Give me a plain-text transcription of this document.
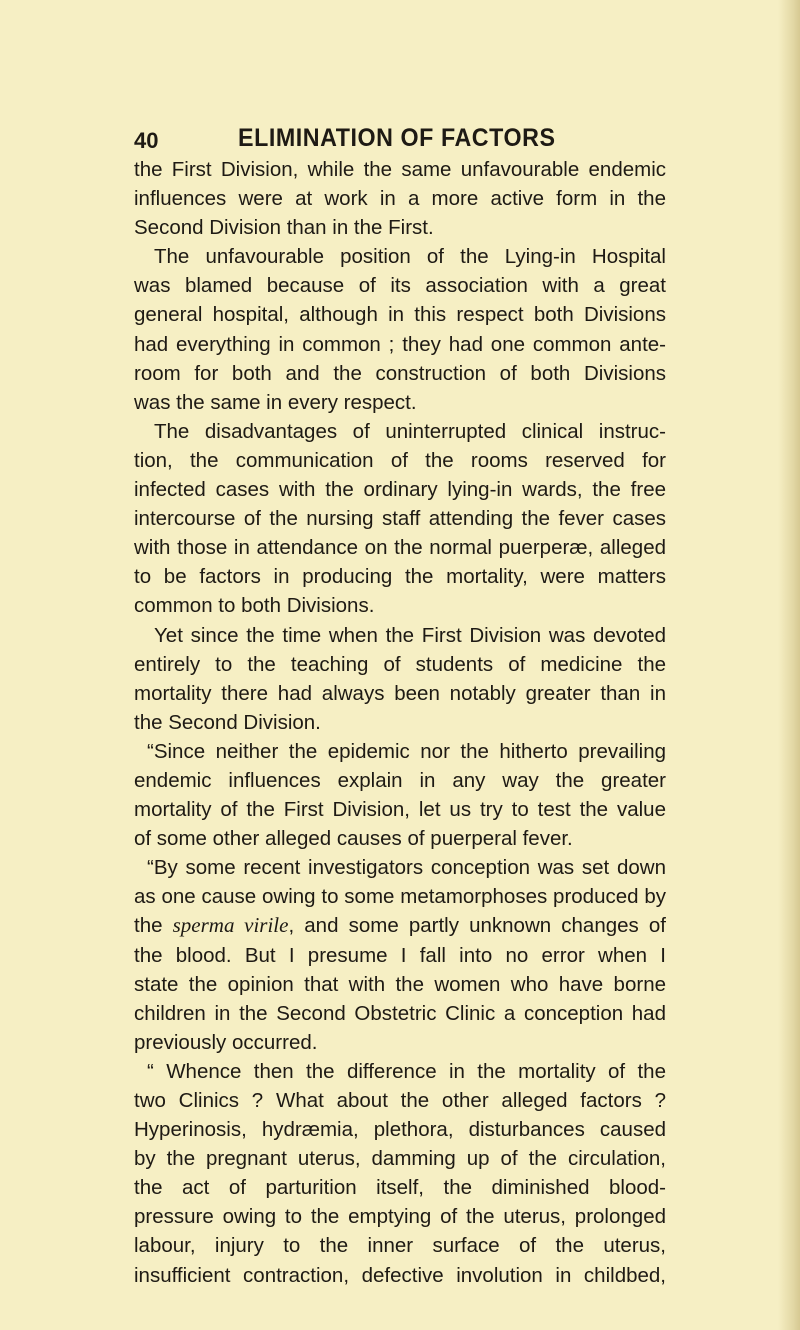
40	ELIMINATION OF FACTORS
the First Division, while the same unfavourable endemic
influences were at work in a more active form in the
Second Division than in the First.
The unfavourable position of the Lying-in Hospital
was blamed because of its association with a great
general hospital, although in this respect both Divisions
had everything in common ; they had one common ante-
room for both and the construction of both Divisions
was the same in every respect.
The disadvantages of uninterrupted clinical instruc-
tion, the communication of the rooms reserved for
infected cases with the ordinary lying-in wards, the free
intercourse of the nursing staff attending the fever cases
with those in attendance on the normal puerperæ, alleged
to be factors in producing the mortality, were matters
common to both Divisions.
Yet since the time when the First Division was devoted
entirely to the teaching of students of medicine the
mortality there had always been notably greater than in
the Second Division.
“Since neither the epidemic nor the hitherto prevailing
endemic influences explain in any way the greater
mortality of the First Division, let us try to test the value
of some other alleged causes of puerperal fever.
“By some recent investigators conception was set down
as one cause owing to some metamorphoses produced by
the sperma virile, and some partly unknown changes of
the blood. But I presume I fall into no error when I
state the opinion that with the women who have borne
children in the Second Obstetric Clinic a conception had
previously occurred.
“ Whence then the difference in the mortality of the
two Clinics ? What about the other alleged factors ?
Hyperinosis, hydræmia, plethora, disturbances caused
by the pregnant uterus, damming up of the circulation,
the act of parturition itself, the diminished blood-
pressure owing to the emptying of the uterus, prolonged
labour, injury to the inner surface of the uterus,
insufficient contraction, defective involution in childbed,
